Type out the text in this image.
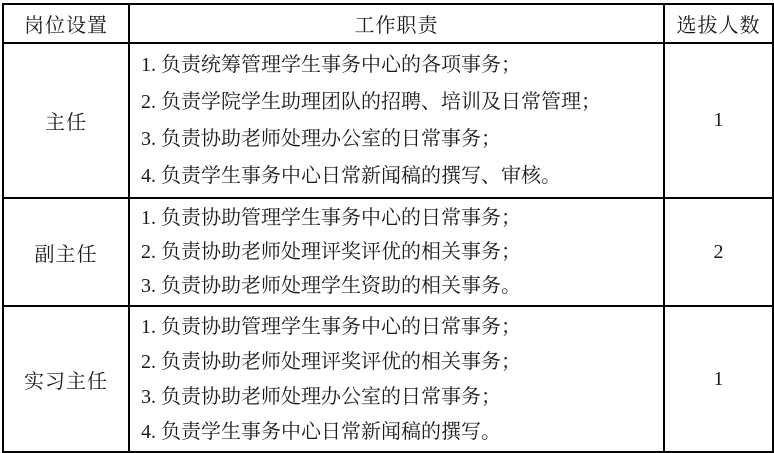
岗位设置	工作职责	选拔人数
主任	1. 负责统筹管理学生事务中心的各项事务；
2. 负责学院学生助理团队的招聘、培训及日常管理；
3. 负责协助老师处理办公室的日常事务；
4. 负责学生事务中心日常新闻稿的撰写、审核。	1
副主任	1. 负责协助管理学生事务中心的日常事务；
2. 负责协助老师处理评奖评优的相关事务；
3. 负责协助老师处理学生资助的相关事务。	2
实习主任	1. 负责协助管理学生事务中心的日常事务；
2. 负责协助老师处理评奖评优的相关事务；
3. 负责协助老师处理办公室的日常事务；
4. 负责学生事务中心日常新闻稿的撰写。	1
